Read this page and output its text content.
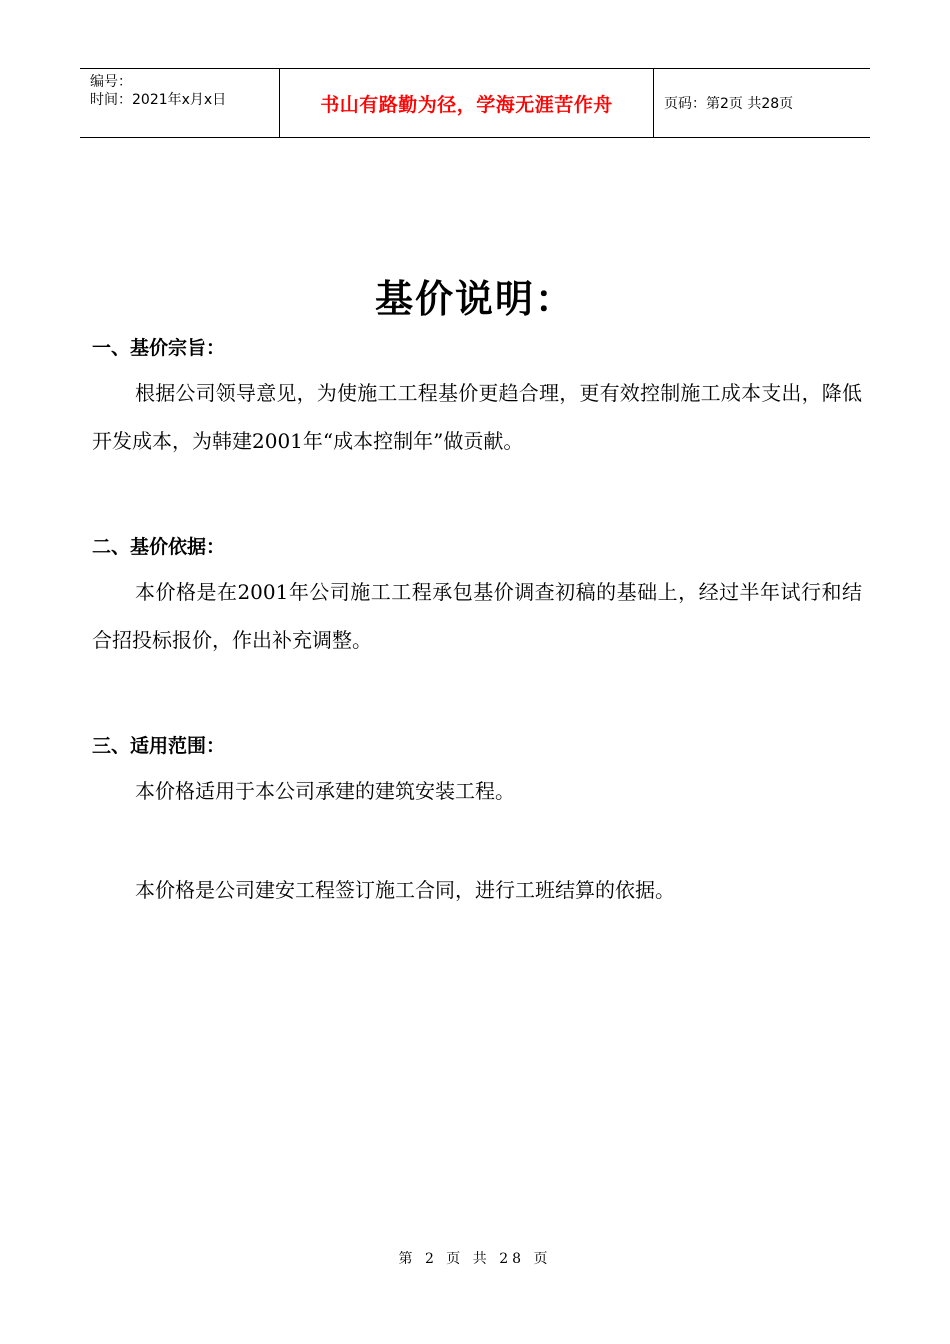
编号：
时间：2021年x月x日	书山有路勤为径，学海无涯苦作舟	页码：第2页 共28页
基价说明：
一、基价宗旨：
根据公司领导意见，为使施工工程基价更趋合理，更有效控制施工成本支出，降低开发成本，为韩建2001年“成本控制年”做贡献。
二、基价依据：
本价格是在2001年公司施工工程承包基价调查初稿的基础上，经过半年试行和结合招投标报价，作出补充调整。
三、适用范围：
本价格适用于本公司承建的建筑安装工程。
本价格是公司建安工程签订施工合同，进行工班结算的依据。
第 2 页 共 28 页
